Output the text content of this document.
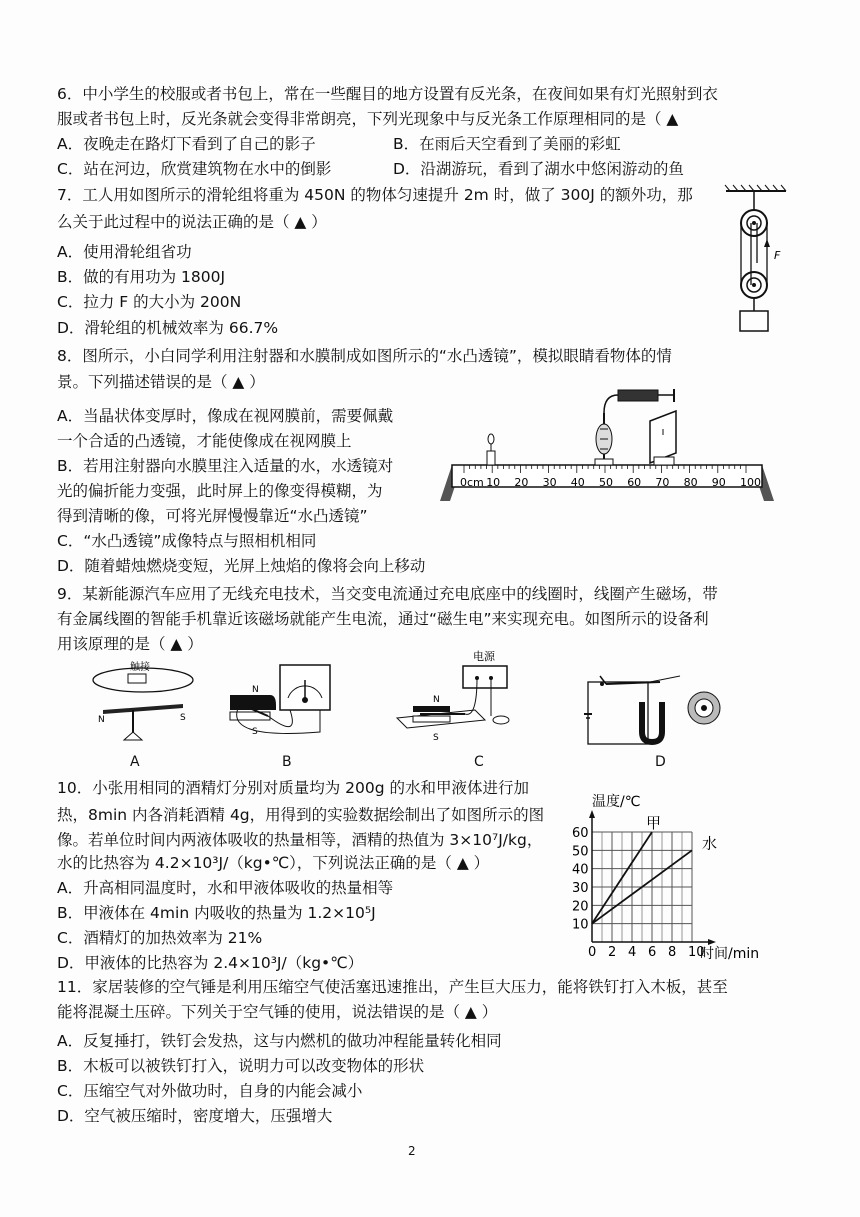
6．中小学生的校服或者书包上，常在一些醒目的地方设置有反光条，在夜间如果有灯光照射到衣
服或者书包上时，反光条就会变得非常朗亮，下列光现象中与反光条工作原理相同的是（ ▲
A．夜晚走在路灯下看到了自己的影子	B．在雨后天空看到了美丽的彩虹
C．站在河边，欣赏建筑物在水中的倒影	D．沿湖游玩，看到了湖水中悠闲游动的鱼
7．工人用如图所示的滑轮组将重为 450N 的物体匀速提升 2m 时，做了 300J 的额外功，那
么关于此过程中的说法正确的是（ ▲ ）
A．使用滑轮组省功
B．做的有用功为 1800J
C．拉力 F 的大小为 200N
D．滑轮组的机械效率为 66.7%
F
8．图所示，小白同学利用注射器和水膜制成如图所示的“水凸透镜”，模拟眼睛看物体的情
景。下列描述错误的是（ ▲ ）
A．当晶状体变厚时，像成在视网膜前，需要佩戴
一个合适的凸透镜，才能使像成在视网膜上
B．若用注射器向水膜里注入适量的水，水透镜对
光的偏折能力变强，此时屏上的像变得模糊，为
得到清晰的像，可将光屏慢慢靠近“水凸透镜”
C．“水凸透镜”成像特点与照相机相同
D．随着蜡烛燃烧变短，光屏上烛焰的像将会向上移动
0cm 10 20 30 40 50 60 70 80 90 100
9．某新能源汽车应用了无线充电技术，当交变电流通过充电底座中的线圈时，线圈产生磁场，带
有金属线圈的智能手机靠近该磁场就能产生电流，通过“磁生电”来实现充电。如图所示的设备利
用该原理的是（ ▲ ）
触接
N	S
N
S
电源
N
S
A	B	C	D
10．小张用相同的酒精灯分别对质量均为 200g 的水和甲液体进行加
热，8min 内各消耗酒精 4g，用得到的实验数据绘制出了如图所示的图
像。若单位时间内两液体吸收的热量相等，酒精的热值为 3×10⁷J/kg，
水的比热容为 4.2×10³J/（kg•℃），下列说法正确的是（ ▲ ）
A．升高相同温度时，水和甲液体吸收的热量相等
B．甲液体在 4min 内吸收的热量为 1.2×10⁵J
C．酒精灯的加热效率为 21%
D．甲液体的比热容为 2.4×10³J/（kg•℃）
0 2 4 6 8 10
10
20
30
40
50
60
甲
水
温度/℃
时间/min
11．家居装修的空气锤是利用压缩空气使活塞迅速推出，产生巨大压力，能将铁钉打入木板，甚至
能将混凝土压碎。下列关于空气锤的使用，说法错误的是（ ▲ ）
A．反复捶打，铁钉会发热，这与内燃机的做功冲程能量转化相同
B．木板可以被铁钉打入，说明力可以改变物体的形状
C．压缩空气对外做功时，自身的内能会减小
D．空气被压缩时，密度增大，压强增大
2
